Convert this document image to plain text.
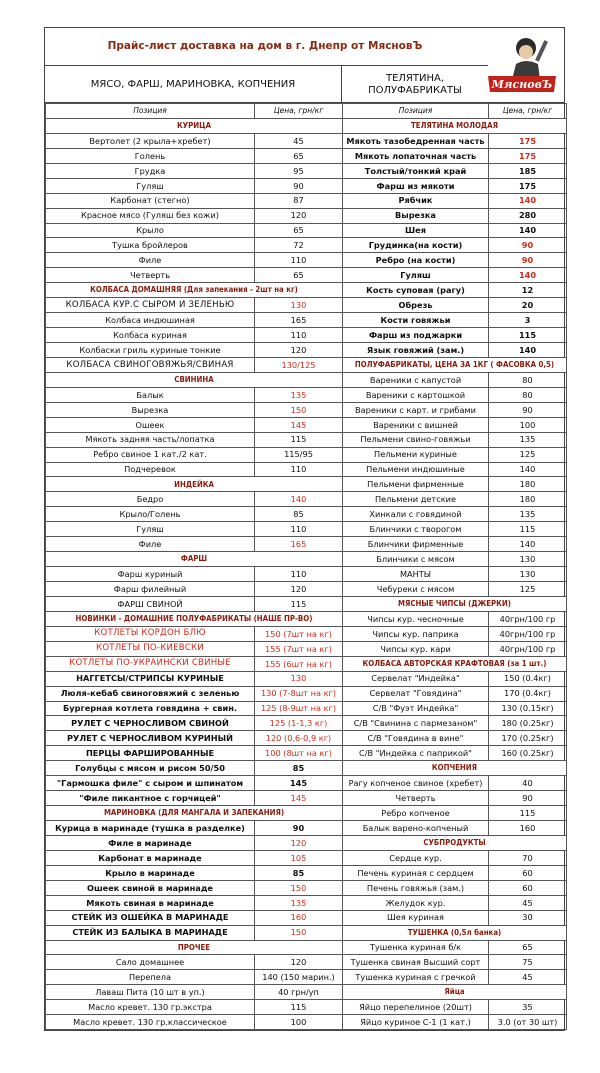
Прайс-лист доставка на дом в г. Днепр от МясновЪ
МЯСО, ФАРШ, МАРИНОВКА, КОПЧЕНИЯ
ТЕЛЯТИНА, ПОЛУФАБРИКАТЫ	МясновЪ
Позиция	Цена, грн/кг	Позиция	Цена, грн/кг
КУРИЦА		ТЕЛЯТИНА МОЛОДАЯ	
Вертолет (2 крыла+хребет)	45	Мякоть тазобедренная часть	175
Голень	65	Мякоть лопаточная часть	175
Грудка	95	Толстый/тонкий край	185
Гуляш	90	Фарш из мякоти	175
Карбонат (стегно)	87	Рябчик	140
Красное мясо (Гуляш без кожи)	120	Вырезка	280
Крыло	65	Шея	140
Тушка бройлеров	72	Грудинка(на кости)	90
Филе	110	Ребро (на кости)	90
Четверть	65	Гуляш	140
КОЛБАСА ДОМАШНЯЯ (Для запекания - 2шт на кг)		Кость суповая (рагу)	12
КОЛБАСА КУР.С СЫРОМ И ЗЕЛЕНЬЮ	130	Обрезь	20
Колбаса индюшиная	165	Кости говяжьи	3
Колбаса куриная	110	Фарш из поджарки	115
Колбаски гриль куриные тонкие	120	Язык говяжий (зам.)	140
КОЛБАСА СВИНОГОВЯЖЬЯ/СВИНАЯ	130/125	ПОЛУФАБРИКАТЫ, ЦЕНА ЗА 1КГ ( ФАСОВКА 0,5)	
СВИНИНА		Вареники с капустой	80
Балык	135	Вареники с картошкой	80
Вырезка	150	Вареники с карт. и грибами	90
Ошеек	145	Вареники с вишней	100
Мякоть задняя часть/лопатка	115	Пельмени свино-говяжьи	135
Ребро свиное 1 кат./2 кат.	115/95	Пельмени куриные	125
Подчеревок	110	Пельмени индюшиные	140
ИНДЕЙКА		Пельмени фирменные	180
Бедро	140	Пельмени детские	180
Крыло/Голень	85	Хинкали с говядиной	135
Гуляш	110	Блинчики с творогом	115
Филе	165	Блинчики фирменные	140
ФАРШ		Блинчики с мясом	130
Фарш куриный	110	МАНТЫ	130
Фарш филейный	120	Чебуреки с мясом	125
ФАРШ СВИНОЙ	115	МЯСНЫЕ ЧИПСЫ (ДЖЕРКИ)	
НОВИНКИ - ДОМАШНИЕ ПОЛУФАБРИКАТЫ (НАШЕ ПР-ВО)		Чипсы кур. чесночные	40грн/100 гр
КОТЛЕТЫ КОРДОН БЛЮ	150 (7шт на кг)	Чипсы кур. паприка	40грн/100 гр
КОТЛЕТЫ ПО-КИЕВСКИ	155 (7шт на кг)	Чипсы кур. кари	40грн/100 гр
КОТЛЕТЫ ПО-УКРАИНСКИ СВИНЫЕ	155 (6шт на кг)	КОЛБАСА АВТОРСКАЯ КРАФТОВАЯ (за 1 шт.)	
НАГГЕТСЫ/СТРИПСЫ КУРИНЫЕ	130	Сервелат "Индейка"	150 (0.4кг)
Люля-кебаб свиноговяжий с зеленью	130 (7-8шт на кг)	Сервелат "Говядина"	170 (0.4кг)
Бургерная котлета говядина + свин.	125 (8-9шт на кг)	С/В "Фуэт Индейка"	130 (0.15кг)
РУЛЕТ С ЧЕРНОСЛИВОМ СВИНОЙ	125 (1-1,3 кг)	С/В "Свинина с пармезаном"	180 (0.25кг)
РУЛЕТ С ЧЕРНОСЛИВОМ КУРИНЫЙ	120 (0,6-0,9 кг)	С/В "Говядина в вине"	170 (0.25кг)
ПЕРЦЫ ФАРШИРОВАННЫЕ	100 (8шт на кг)	С/В "Индейка с паприкой"	160 (0.25кг)
Голубцы с мясом и рисом 50/50	85	КОПЧЕНИЯ	
"Гармошка филе" с сыром и шпинатом	145	Рагу копченое свиное (хребет)	40
"Филе пикантное с горчицей"	145	Четверть	90
МАРИНОВКА (ДЛЯ МАНГАЛА И ЗАПЕКАНИЯ)		Ребро копченое	115
Курица в маринаде (тушка в разделке)	90	Балык варено-копченый	160
Филе в маринаде	120	СУБПРОДУКТЫ	
Карбонат в маринаде	105	Сердце кур.	70
Крыло в маринаде	85	Печень куриная с сердцем	60
Ошеек свиной в маринаде	150	Печень говяжья (зам.)	60
Мякоть свиная в маринаде	135	Желудок кур.	45
СТЕЙК ИЗ ОШЕЙКА В МАРИНАДЕ	160	Шея куриная	30
СТЕЙК ИЗ БАЛЫКА В МАРИНАДЕ	150	ТУШЕНКА (0,5л банка)	
ПРОЧЕЕ		Тушенка куриная б/к	65
Сало домашнее	120	Тушенка свиная Высший сорт	75
Перепела	140 (150 марин.)	Тушенка куриная с гречкой	45
Лаваш Пита (10 шт в уп.)	40 грн/уп	Яйца	
Масло кревет. 130 гр.экстра	115	Яйцо перепелиное (20шт)	35
Масло кревет. 130 гр.классическое	100	Яйцо куриное С-1 (1 кат.)	3.0 (от 30 шт)
